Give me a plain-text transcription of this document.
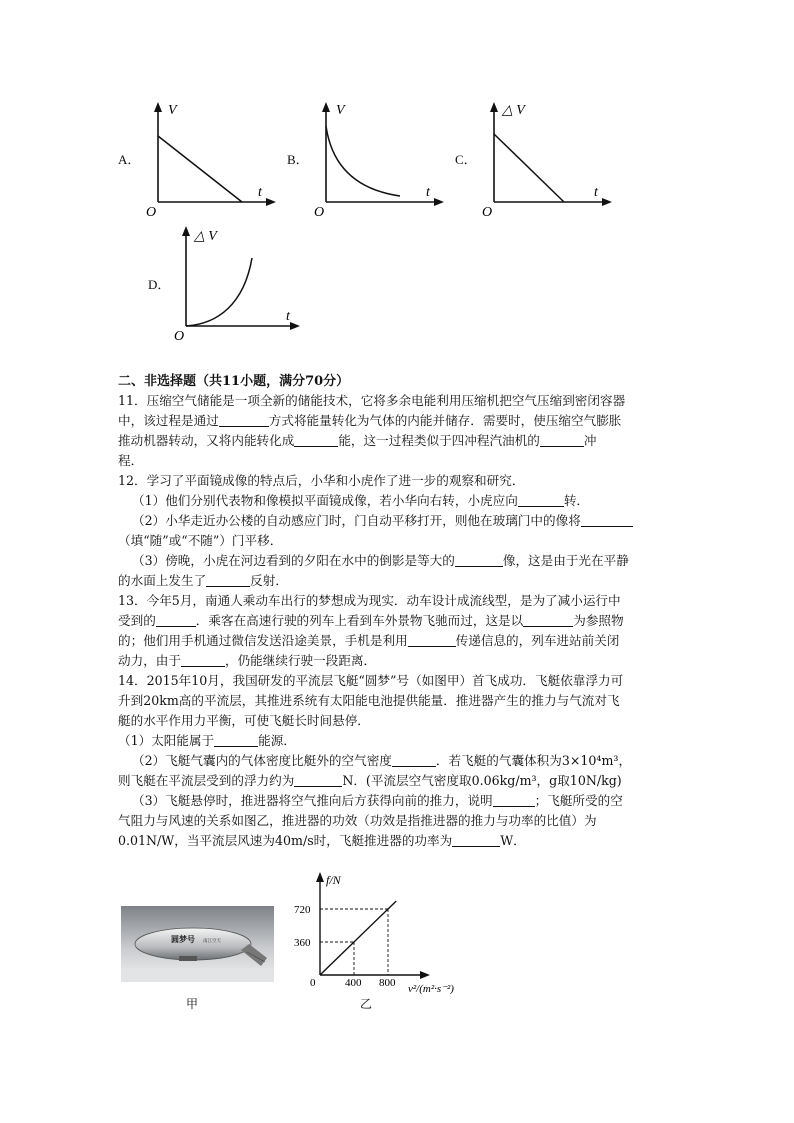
A．
V
t
O
B．
V
t
O
C．
△ V
t
O
D．
△ V
t
O
二、非选择题（共11小题，满分70分）
11．压缩空气储能是一项全新的储能技术，它将多余电能利用压缩机把空气压缩到密闭容器
中，该过程是通过	方式将能量转化为气体的内能并储存．需要时，使压缩空气膨胀
推动机器转动，又将内能转化成	能，这一过程类似于四冲程汽油机的	冲
程．
12．学习了平面镜成像的特点后，小华和小虎作了进一步的观察和研究．
（1）他们分别代表物和像模拟平面镜成像，若小华向右转，小虎应向	转．
（2）小华走近办公楼的自动感应门时，门自动平移打开，则他在玻璃门中的像将
（填“随”或“不随”）门平移．
（3）傍晚，小虎在河边看到的夕阳在水中的倒影是等大的	像，这是由于光在平静
的水面上发生了	反射．
13．今年5月，南通人乘动车出行的梦想成为现实．动车设计成流线型，是为了减小运行中
受到的	．乘客在高速行驶的列车上看到车外景物飞驰而过，这是以	为参照物
的；他们用手机通过微信发送沿途美景，手机是利用	传递信息的，列车进站前关闭
动力，由于	，仍能继续行驶一段距离．
14．2015年10月，我国研发的平流层飞艇“圆梦”号（如图甲）首飞成功．飞艇依靠浮力可
升到20km高的平流层，其推进系统有太阳能电池提供能量．推进器产生的推力与气流对飞
艇的水平作用力平衡，可使飞艇长时间悬停．
（1）太阳能属于	能源．
（2）飞艇气囊内的气体密度比艇外的空气密度	．若飞艇的气囊体积为3×10⁴m³，
则飞艇在平流层受到的浮力约为	N．(平流层空气密度取0.06kg/m³，g取10N/kg)
（3）飞艇悬停时，推进器将空气推向后方获得向前的推力，说明	；飞艇所受的空
气阻力与风速的关系如图乙，推进器的功效（功效是指推进器的推力与功率的比值）为
0.01N/W，当平流层风速为40m/s时，飞艇推进器的功率为	W．
圆梦号 南江空天
甲
400 800
360
720
f/N
v²/(m²·s⁻²)
0
乙
